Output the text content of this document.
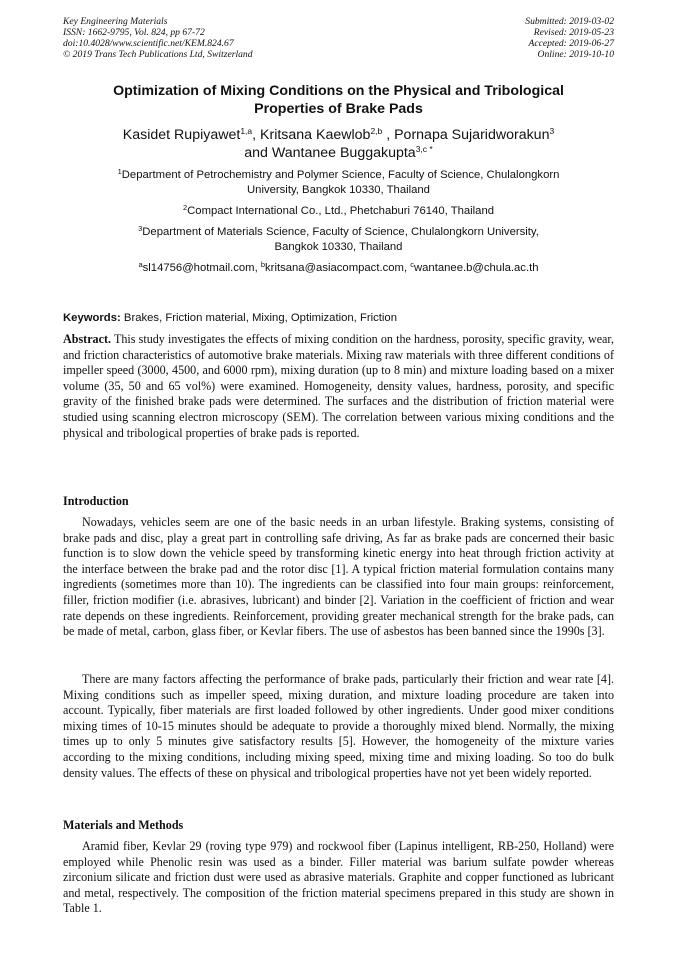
Key Engineering Materials
ISSN: 1662-9795, Vol. 824, pp 67-72
doi:10.4028/www.scientific.net/KEM.824.67
© 2019 Trans Tech Publications Ltd, Switzerland
Submitted: 2019-03-02
Revised: 2019-05-23
Accepted: 2019-06-27
Online: 2019-10-10
Optimization of Mixing Conditions on the Physical and Tribological
Properties of Brake Pads
Kasidet Rupiyawet$^{1,a}$, Kritsana Kaewlob$^{2,b}$ , Pornapa Sujaridworakun$^3$
and Wantanee Buggakupta$^{3,c *}$
$^1$Department of Petrochemistry and Polymer Science, Faculty of Science, Chulalongkorn
University, Bangkok 10330, Thailand
$^2$Compact International Co., Ltd., Phetchaburi 76140, Thailand
$^3$Department of Materials Science, Faculty of Science, Chulalongkorn University,
Bangkok 10330, Thailand
$^a$sl14756@hotmail.com, $^b$kritsana@asiacompact.com, $^c$wantanee.b@chula.ac.th
Keywords: Brakes, Friction material, Mixing, Optimization, Friction
Abstract. This study investigates the effects of mixing condition on the hardness, porosity, specific gravity, wear, and friction characteristics of automotive brake materials. Mixing raw materials with three different conditions of impeller speed (3000, 4500, and 6000 rpm), mixing duration (up to 8 min) and mixture loading based on a mixer volume (35, 50 and 65 vol%) were examined. Homogeneity, density values, hardness, porosity, and specific gravity of the finished brake pads were determined. The surfaces and the distribution of friction material were studied using scanning electron microscopy (SEM). The correlation between various mixing conditions and the physical and tribological properties of brake pads is reported.
Introduction
Nowadays, vehicles seem are one of the basic needs in an urban lifestyle. Braking systems, consisting of brake pads and disc, play a great part in controlling safe driving, As far as brake pads are concerned their basic function is to slow down the vehicle speed by transforming kinetic energy into heat through friction activity at the interface between the brake pad and the rotor disc [1]. A typical friction material formulation contains many ingredients (sometimes more than 10). The ingredients can be classified into four main groups: reinforcement, filler, friction modifier (i.e. abrasives, lubricant) and binder [2]. Variation in the coefficient of friction and wear rate depends on these ingredients. Reinforcement, providing greater mechanical strength for the brake pads, can be made of metal, carbon, glass fiber, or Kevlar fibers. The use of asbestos has been banned since the 1990s [3].
There are many factors affecting the performance of brake pads, particularly their friction and wear rate [4]. Mixing conditions such as impeller speed, mixing duration, and mixture loading procedure are taken into account. Typically, fiber materials are first loaded followed by other ingredients. Under good mixer conditions mixing times of 10-15 minutes should be adequate to provide a thoroughly mixed blend. Normally, the mixing times up to only 5 minutes give satisfactory results [5]. However, the homogeneity of the mixture varies according to the mixing conditions, including mixing speed, mixing time and mixing loading. So too do bulk density values. The effects of these on physical and tribological properties have not yet been widely reported.
Materials and Methods
Aramid fiber, Kevlar 29 (roving type 979) and rockwool fiber (Lapinus intelligent, RB-250, Holland) were employed while Phenolic resin was used as a binder. Filler material was barium sulfate powder whereas zirconium silicate and friction dust were used as abrasive materials. Graphite and copper functioned as lubricant and metal, respectively. The composition of the friction material specimens prepared in this study are shown in Table 1.
